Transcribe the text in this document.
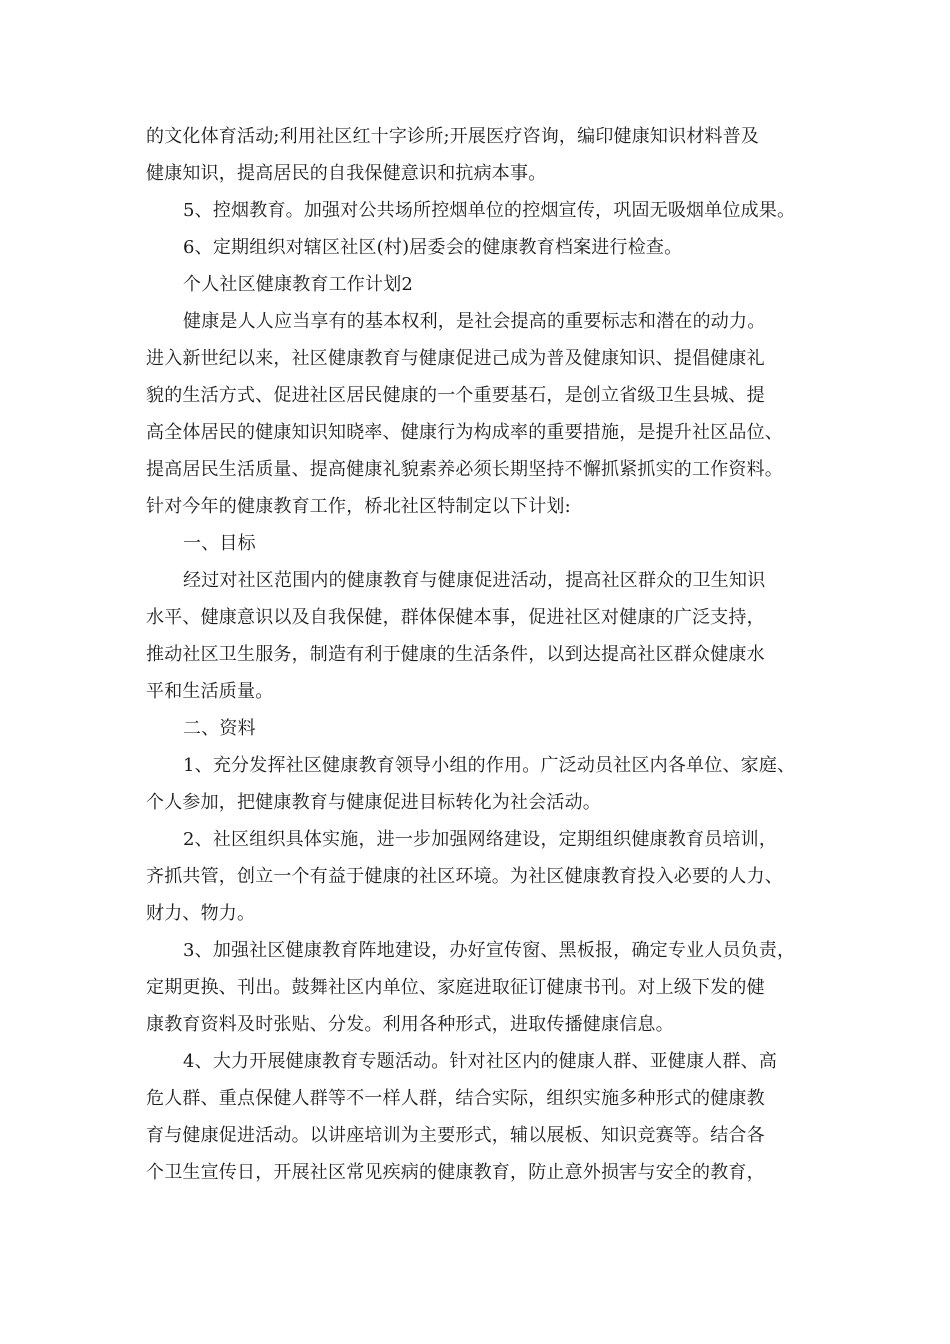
的文化体育活动;利用社区红十字诊所;开展医疗咨询，编印健康知识材料普及
健康知识，提高居民的自我保健意识和抗病本事。
5、控烟教育。加强对公共场所控烟单位的控烟宣传，巩固无吸烟单位成果。
6、定期组织对辖区社区(村)居委会的健康教育档案进行检查。
个人社区健康教育工作计划2
健康是人人应当享有的基本权利，是社会提高的重要标志和潜在的动力。
进入新世纪以来，社区健康教育与健康促进己成为普及健康知识、提倡健康礼
貌的生活方式、促进社区居民健康的一个重要基石，是创立省级卫生县城、提
高全体居民的健康知识知晓率、健康行为构成率的重要措施，是提升社区品位、
提高居民生活质量、提高健康礼貌素养必须长期坚持不懈抓紧抓实的工作资料。
针对今年的健康教育工作，桥北社区特制定以下计划:
一、目标
经过对社区范围内的健康教育与健康促进活动，提高社区群众的卫生知识
水平、健康意识以及自我保健，群体保健本事，促进社区对健康的广泛支持，
推动社区卫生服务，制造有利于健康的生活条件，以到达提高社区群众健康水
平和生活质量。
二、资料
1、充分发挥社区健康教育领导小组的作用。广泛动员社区内各单位、家庭、
个人参加，把健康教育与健康促进目标转化为社会活动。
2、社区组织具体实施，进一步加强网络建设，定期组织健康教育员培训，
齐抓共管，创立一个有益于健康的社区环境。为社区健康教育投入必要的人力、
财力、物力。
3、加强社区健康教育阵地建设，办好宣传窗、黑板报，确定专业人员负责，
定期更换、刊出。鼓舞社区内单位、家庭进取征订健康书刊。对上级下发的健
康教育资料及时张贴、分发。利用各种形式，进取传播健康信息。
4、大力开展健康教育专题活动。针对社区内的健康人群、亚健康人群、高
危人群、重点保健人群等不一样人群，结合实际，组织实施多种形式的健康教
育与健康促进活动。以讲座培训为主要形式，辅以展板、知识竞赛等。结合各
个卫生宣传日，开展社区常见疾病的健康教育，防止意外损害与安全的教育，
